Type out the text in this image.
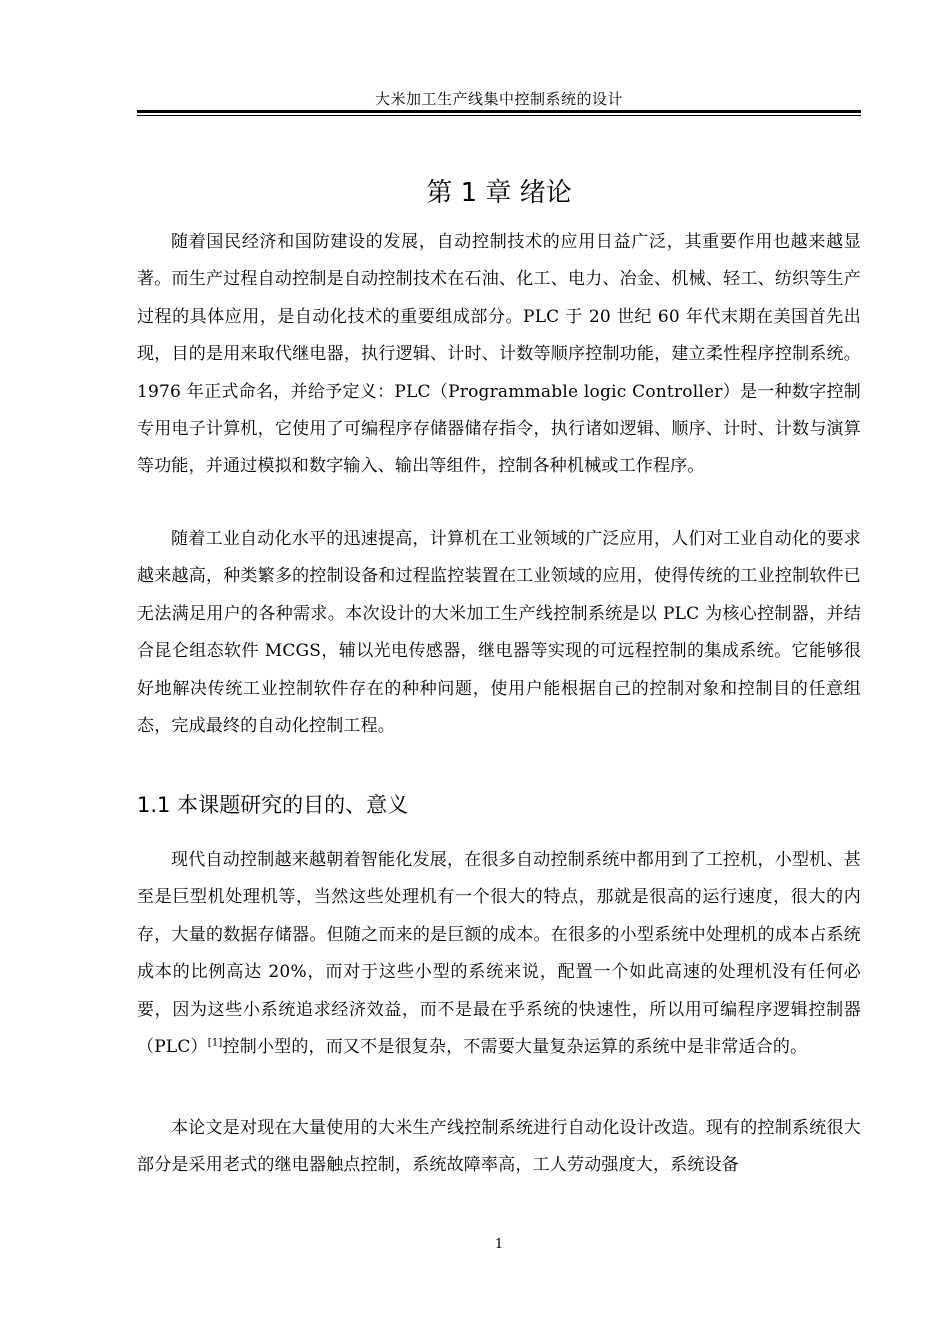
大米加工生产线集中控制系统的设计
第 1 章 绪论

随着国民经济和国防建设的发展，自动控制技术的应用日益广泛，其重要作用也越来越显著。而生产过程自动控制是自动控制技术在石油、化工、电力、冶金、机械、轻工、纺织等生产过程的具体应用，是自动化技术的重要组成部分。PLC 于 20 世纪 60 年代末期在美国首先出现，目的是用来取代继电器，执行逻辑、计时、计数等顺序控制功能，建立柔性程序控制系统。1976 年正式命名，并给予定义：PLC（Programmable logic Controller）是一种数字控制专用电子计算机，它使用了可编程序存储器储存指令，执行诸如逻辑、顺序、计时、计数与演算等功能，并通过模拟和数字输入、输出等组件，控制各种机械或工作程序。

随着工业自动化水平的迅速提高，计算机在工业领域的广泛应用，人们对工业自动化的要求越来越高，种类繁多的控制设备和过程监控装置在工业领域的应用，使得传统的工业控制软件已无法满足用户的各种需求。本次设计的大米加工生产线控制系统是以 PLC 为核心控制器，并结合昆仑组态软件 MCGS，辅以光电传感器，继电器等实现的可远程控制的集成系统。它能够很好地解决传统工业控制软件存在的种种问题，使用户能根据自己的控制对象和控制目的任意组态，完成最终的自动化控制工程。

1.1 本课题研究的目的、意义

现代自动控制越来越朝着智能化发展，在很多自动控制系统中都用到了工控机，小型机、甚至是巨型机处理机等，当然这些处理机有一个很大的特点，那就是很高的运行速度，很大的内存，大量的数据存储器。但随之而来的是巨额的成本。在很多的小型系统中处理机的成本占系统成本的比例高达 20%，而对于这些小型的系统来说，配置一个如此高速的处理机没有任何必要，因为这些小系统追求经济效益，而不是最在乎系统的快速性，所以用可编程序逻辑控制器（PLC）[1]控制小型的，而又不是很复杂，不需要大量复杂运算的系统中是非常适合的。

本论文是对现在大量使用的大米生产线控制系统进行自动化设计改造。现有的控制系统很大部分是采用老式的继电器触点控制，系统故障率高，工人劳动强度大，系统设备

1
